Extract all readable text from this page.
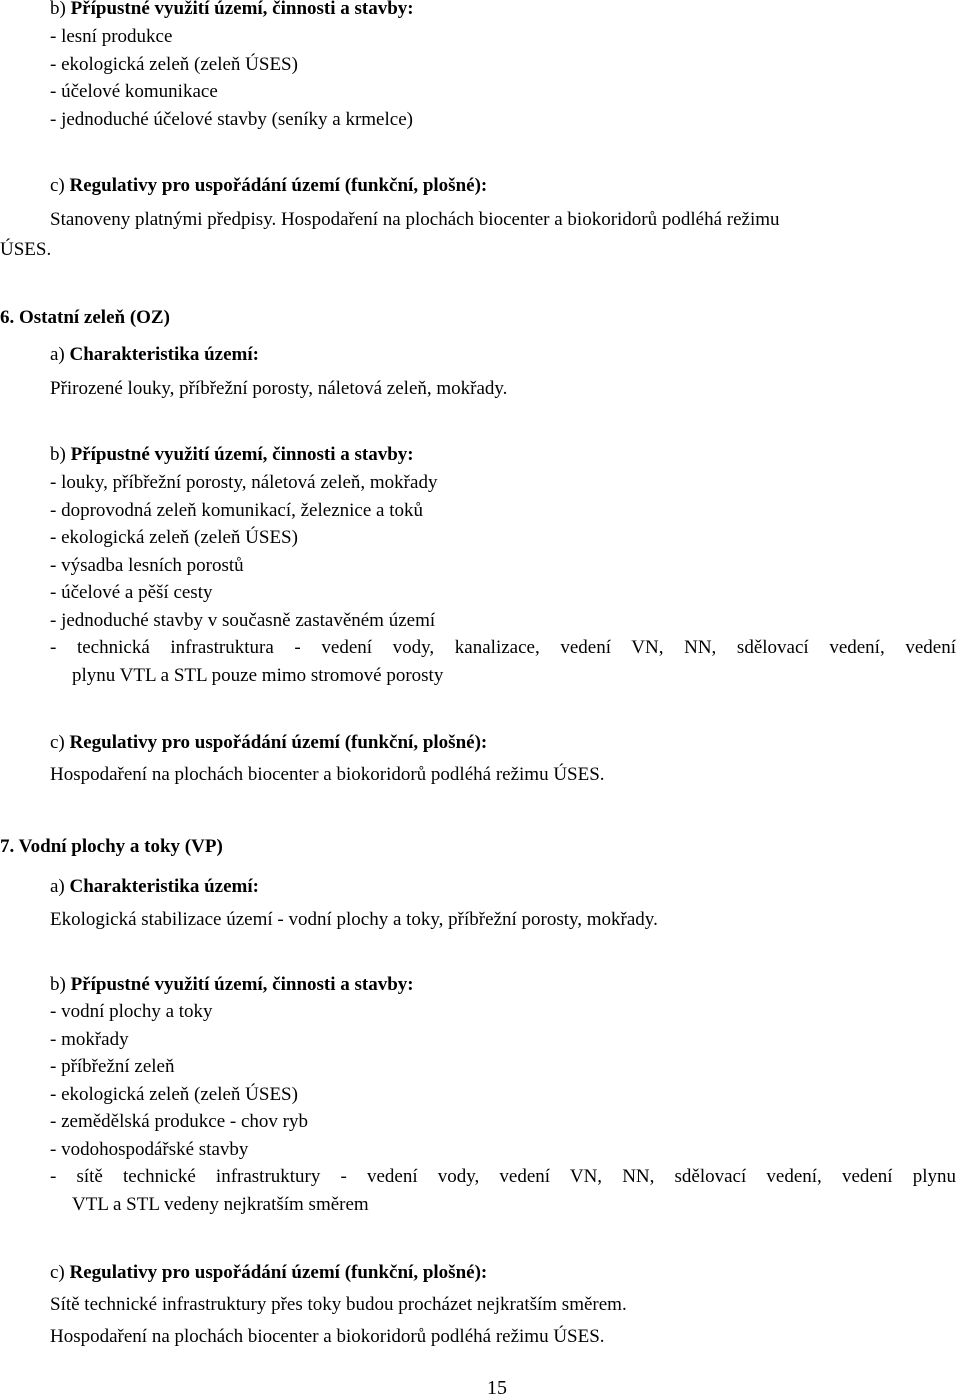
b) Přípustné využití území, činnosti a stavby:
- lesní produkce
- ekologická zeleň (zeleň ÚSES)
- účelové komunikace
- jednoduché účelové stavby (seníky a krmelce)
c) Regulativy pro uspořádání území (funkční, plošné):
Stanoveny platnými předpisy. Hospodaření na plochách biocenter a biokoridorů podléhá režimu
ÚSES.
6. Ostatní zeleň (OZ)
a) Charakteristika území:
Přirozené louky, příbřežní porosty, náletová zeleň, mokřady.
b) Přípustné využití území, činnosti a stavby:
- louky, příbřežní porosty, náletová zeleň, mokřady
- doprovodná zeleň komunikací, železnice a toků
- ekologická zeleň (zeleň ÚSES)
- výsadba lesních porostů
- účelové a pěší cesty
- jednoduché stavby v současně zastavěném území
- technická infrastruktura - vedení vody, kanalizace, vedení VN, NN, sdělovací vedení, vedení
plynu VTL a STL pouze mimo stromové porosty
c) Regulativy pro uspořádání území (funkční, plošné):
Hospodaření na plochách biocenter a biokoridorů podléhá režimu ÚSES.
7. Vodní plochy a toky (VP)
a) Charakteristika území:
Ekologická stabilizace území - vodní plochy a toky, příbřežní porosty, mokřady.
b) Přípustné využití území, činnosti a stavby:
- vodní plochy a toky
- mokřady
- příbřežní zeleň
- ekologická zeleň (zeleň ÚSES)
- zemědělská produkce - chov ryb
- vodohospodářské stavby
- sítě technické infrastruktury - vedení vody, vedení VN, NN, sdělovací vedení, vedení plynu
VTL a STL vedeny nejkratším směrem
c) Regulativy pro uspořádání území (funkční, plošné):
Sítě technické infrastruktury přes toky budou procházet nejkratším směrem.
Hospodaření na plochách biocenter a biokoridorů podléhá režimu ÚSES.
15
